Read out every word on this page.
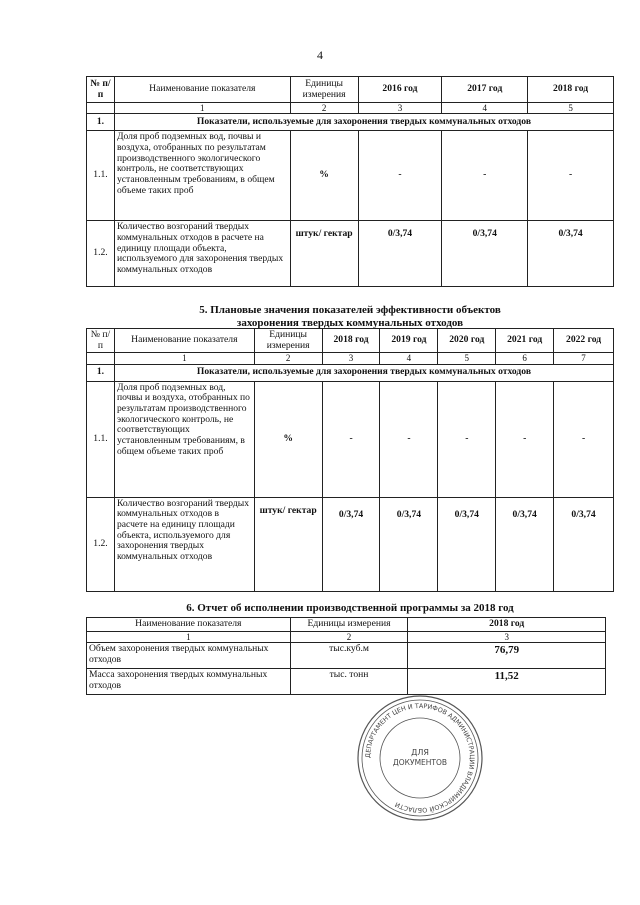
4
№ п/п	Наименование показателя	Единицы измерения	2016 год	2017 год	2018 год
	1	2	3	4	5
1.	Показатели, используемые для захоронения твердых коммунальных отходов				
1.1.	Доля проб подземных вод, почвы и воздуха, отобранных по результатам производственного экологического контроль, не соответствующих установленным требованиям, в общем объеме таких проб	%	-	-	-
1.2.	Количество возгораний твердых коммунальных отходов в расчете на единицу площади объекта, используемого для захоронения твердых коммунальных отходов	штук/ гектар	0/3,74	0/3,74	0/3,74
5. Плановые значения показателей эффективности объектов
захоронения твердых коммунальных отходов
№ п/п	Наименование показателя	Единицы измерения	2018 год	2019 год	2020 год	2021 год	2022 год
	1	2	3	4	5	6	7
1.	Показатели, используемые для захоронения твердых коммунальных отходов						
1.1.	Доля проб подземных вод, почвы и воздуха, отобранных по результатам производственного экологического контроль, не соответствующих установленным требованиям, в общем объеме таких проб	%	-	-	-	-	-
1.2.	Количество возгораний твердых коммунальных отходов в расчете на единицу площади объекта, используемого для захоронения твердых коммунальных отходов	штук/ гектар	0/3,74	0/3,74	0/3,74	0/3,74	0/3,74
6. Отчет об исполнении производственной программы за 2018 год
Наименование показателя	Единицы измерения	2018 год
1	2	3
Объем захоронения твердых коммунальных отходов	тыс.куб.м	76,79
Масса захоронения твердых коммунальных отходов	тыс. тонн	11,52
ДЕПАРТАМЕНТ ЦЕН И ТАРИФОВ АДМИНИСТРАЦИИ ВЛАДИМИРСКОЙ ОБЛАСТИ
ДЛЯ
ДОКУМЕНТОВ
